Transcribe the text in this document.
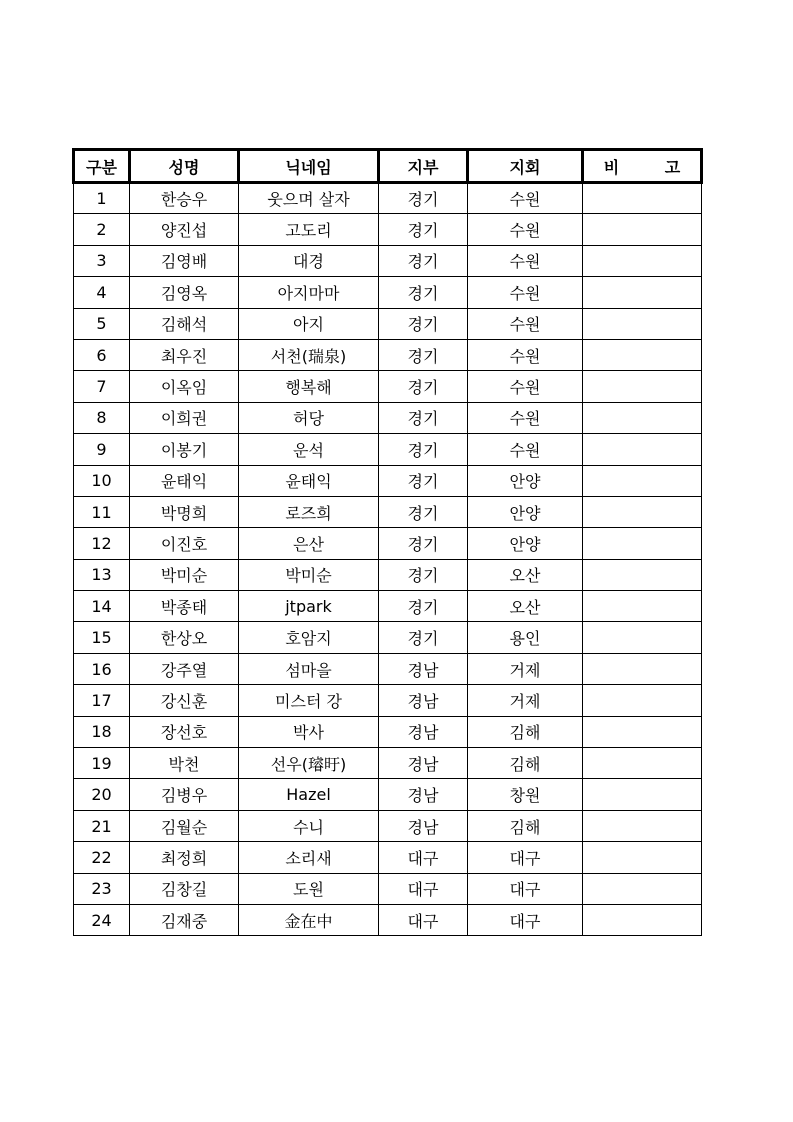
구분	성명	닉네임	지부	지회	비 고
1	한승우	웃으며 살자	경기	수원	
2	양진섭	고도리	경기	수원	
3	김영배	대경	경기	수원	
4	김영옥	아지마마	경기	수원	
5	김해석	아지	경기	수원	
6	최우진	서천(瑞泉)	경기	수원	
7	이옥임	행복해	경기	수원	
8	이희권	허당	경기	수원	
9	이봉기	운석	경기	수원	
10	윤태익	윤태익	경기	안양	
11	박명희	로즈희	경기	안양	
12	이진호	은산	경기	안양	
13	박미순	박미순	경기	오산	
14	박종태	jtpark	경기	오산	
15	한상오	호암지	경기	용인	
16	강주열	섬마을	경남	거제	
17	강신훈	미스터 강	경남	거제	
18	장선호	박사	경남	김해	
19	박천	선우(璿旴)	경남	김해	
20	김병우	Hazel	경남	창원	
21	김월순	수니	경남	김해	
22	최정희	소리새	대구	대구	
23	김창길	도원	대구	대구	
24	김재중	金在中	대구	대구	
